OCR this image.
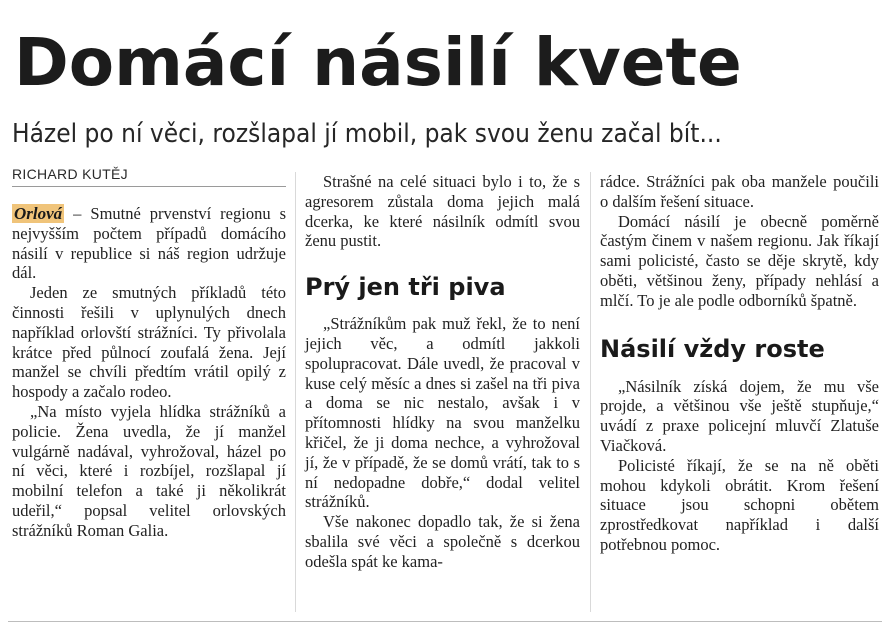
Domácí násilí kvete
Házel po ní věci, rozšlapal jí mobil, pak svou ženu začal bít...
RICHARD KUTĚJ

Orlová – Smutné prvenství regionu s nejvyšším počtem případů domácího násilí v republice si náš region udržuje dál.

Jeden ze smutných příkladů této činnosti řešili v uplynulých dnech například orlovští strážníci. Ty přivolala krátce před půlnocí zoufalá žena. Její manžel se chvíli předtím vrátil opilý z hospody a začalo rodeo.

„Na místo vyjela hlídka strážníků a policie. Žena uvedla, že jí manžel vulgárně nadával, vyhrožoval, házel po ní věci, které i rozbíjel, rozšlapal jí mobilní telefon a také ji několikrát udeřil,“ popsal velitel orlovských strážníků Roman Galia.

Strašné na celé situaci bylo i to, že s agresorem zůstala doma jejich malá dcerka, ke které násilník odmítl svou ženu pustit.

Prý jen tři piva

„Strážníkům pak muž řekl, že to není jejich věc, a odmítl jakkoli spolupracovat. Dále uvedl, že pracoval v kuse celý měsíc a dnes si zašel na tři piva a doma se nic nestalo, avšak i v přítomnosti hlídky na svou manželku křičel, že ji doma nechce, a vyhrožoval jí, že v případě, že se domů vrátí, tak to s ní nedopadne dobře,“ dodal velitel strážníků.

Vše nakonec dopadlo tak, že si žena sbalila své věci a společně s dcerkou odešla spát ke kama-

rádce. Strážníci pak oba manžele poučili o dalším řešení situace.

Domácí násilí je obecně poměrně častým činem v našem regionu. Jak říkají sami policisté, často se děje skrytě, kdy oběti, většinou ženy, případy nehlásí a mlčí. To je ale podle odborníků špatně.

Násilí vždy roste

„Násilník získá dojem, že mu vše projde, a většinou vše ještě stupňuje,“ uvádí z praxe policejní mluvčí Zlatuše Viačková.

Policisté říkají, že se na ně oběti mohou kdykoli obrátit. Krom řešení situace jsou schopni obětem zprostředkovat například i další potřebnou pomoc.
